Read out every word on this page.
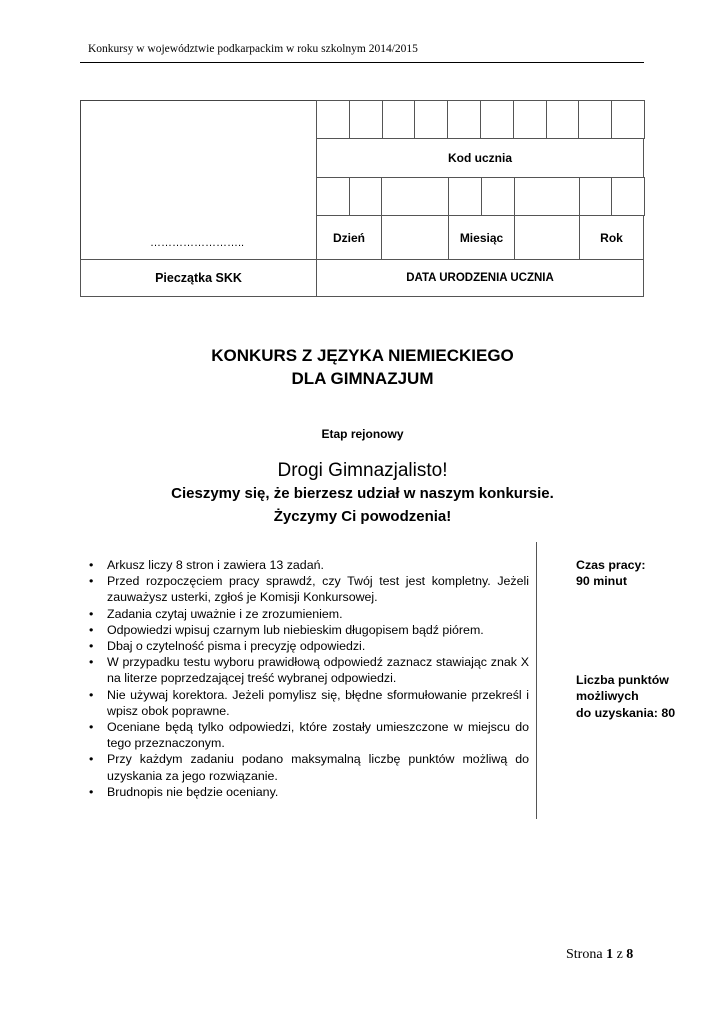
Konkursy w województwie podkarpackim w roku szkolnym 2014/2015
……………………..
Pieczątka SKK
Kod ucznia
Dzień	Miesiąc	Rok
DATA URODZENIA UCZNIA
KONKURS Z JĘZYKA NIEMIECKIEGO
DLA GIMNAZJUM
Etap rejonowy
Drogi Gimnazjalisto!
Cieszymy się, że bierzesz udział w naszym konkursie.
Życzymy Ci powodzenia!
• Arkusz liczy 8 stron i zawiera 13 zadań.
• Przed rozpoczęciem pracy sprawdź, czy Twój test jest kompletny. Jeżeli zauważysz usterki, zgłoś je Komisji Konkursowej.
• Zadania czytaj uważnie i ze zrozumieniem.
• Odpowiedzi wpisuj czarnym lub niebieskim długopisem bądź piórem.
• Dbaj o czytelność pisma i precyzję odpowiedzi.
• W przypadku testu wyboru prawidłową odpowiedź zaznacz stawiając znak X na literze poprzedzającej treść wybranej odpowiedzi.
• Nie używaj korektora. Jeżeli pomylisz się, błędne sformułowanie przekreśl i wpisz obok poprawne.
• Oceniane będą tylko odpowiedzi, które zostały umieszczone w miejscu do tego przeznaczonym.
• Przy każdym zadaniu podano maksymalną liczbę punktów możliwą do uzyskania za jego rozwiązanie.
• Brudnopis nie będzie oceniany.
Czas pracy:
90 minut
Liczba punktów
możliwych
do uzyskania: 80
Strona 1 z 8
